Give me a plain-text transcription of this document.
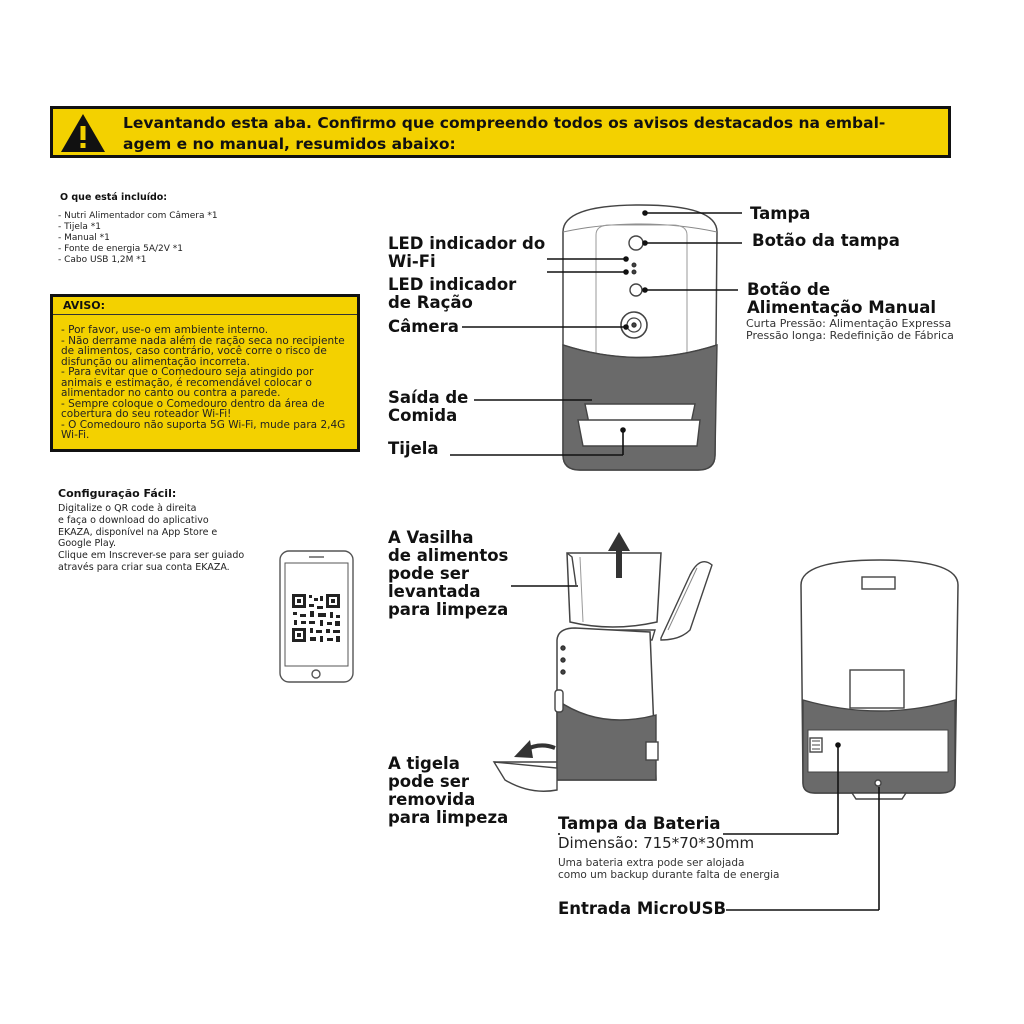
Levantando esta aba. Confirmo que compreendo todos os avisos destacados na embal-
agem e no manual, resumidos abaixo:
O que está incluído:
- Nutri Alimentador com Câmera *1
- Tijela *1
- Manual *1
- Fonte de energia 5A/2V *1
- Cabo USB 1,2M *1
AVISO:
- Por favor, use-o em ambiente interno.
- Não derrame nada além de ração seca no recipiente de alimentos, caso contrário, você corre o risco de disfunção ou alimentação incorreta.
- Para evitar que o Comedouro seja atingido por animais e estimação, é recomendável colocar o alimentador no canto ou contra a parede.
- Sempre coloque o Comedouro dentro da área de cobertura do seu roteador Wi-Fi!
- O Comedouro não suporta 5G Wi-Fi, mude para 2,4G Wi-Fi.
Configuração Fácil:
Digitalize o QR code à direita
e faça o download do aplicativo
EKAZA, disponível na App Store e
Google Play.
Clique em Inscrever-se para ser guiado
através para criar sua conta EKAZA.
EKAZA
Tampa
Botão da tampa
LED indicador do
Wi-Fi
LED indicador
de Ração
Botão de
Alimentação Manual
Curta Pressão: Alimentação Expressa
Pressão longa: Redefinição de Fábrica
Câmera
Saída de
Comida
Tijela
A Vasilha
de alimentos
pode ser
levantada
para limpeza
A tigela
pode ser
removida
para limpeza	Tampa da Bateria
Dimensão: 715*70*30mm
Uma bateria extra pode ser alojada
como um backup durante falta de energia
Entrada MicroUSB
